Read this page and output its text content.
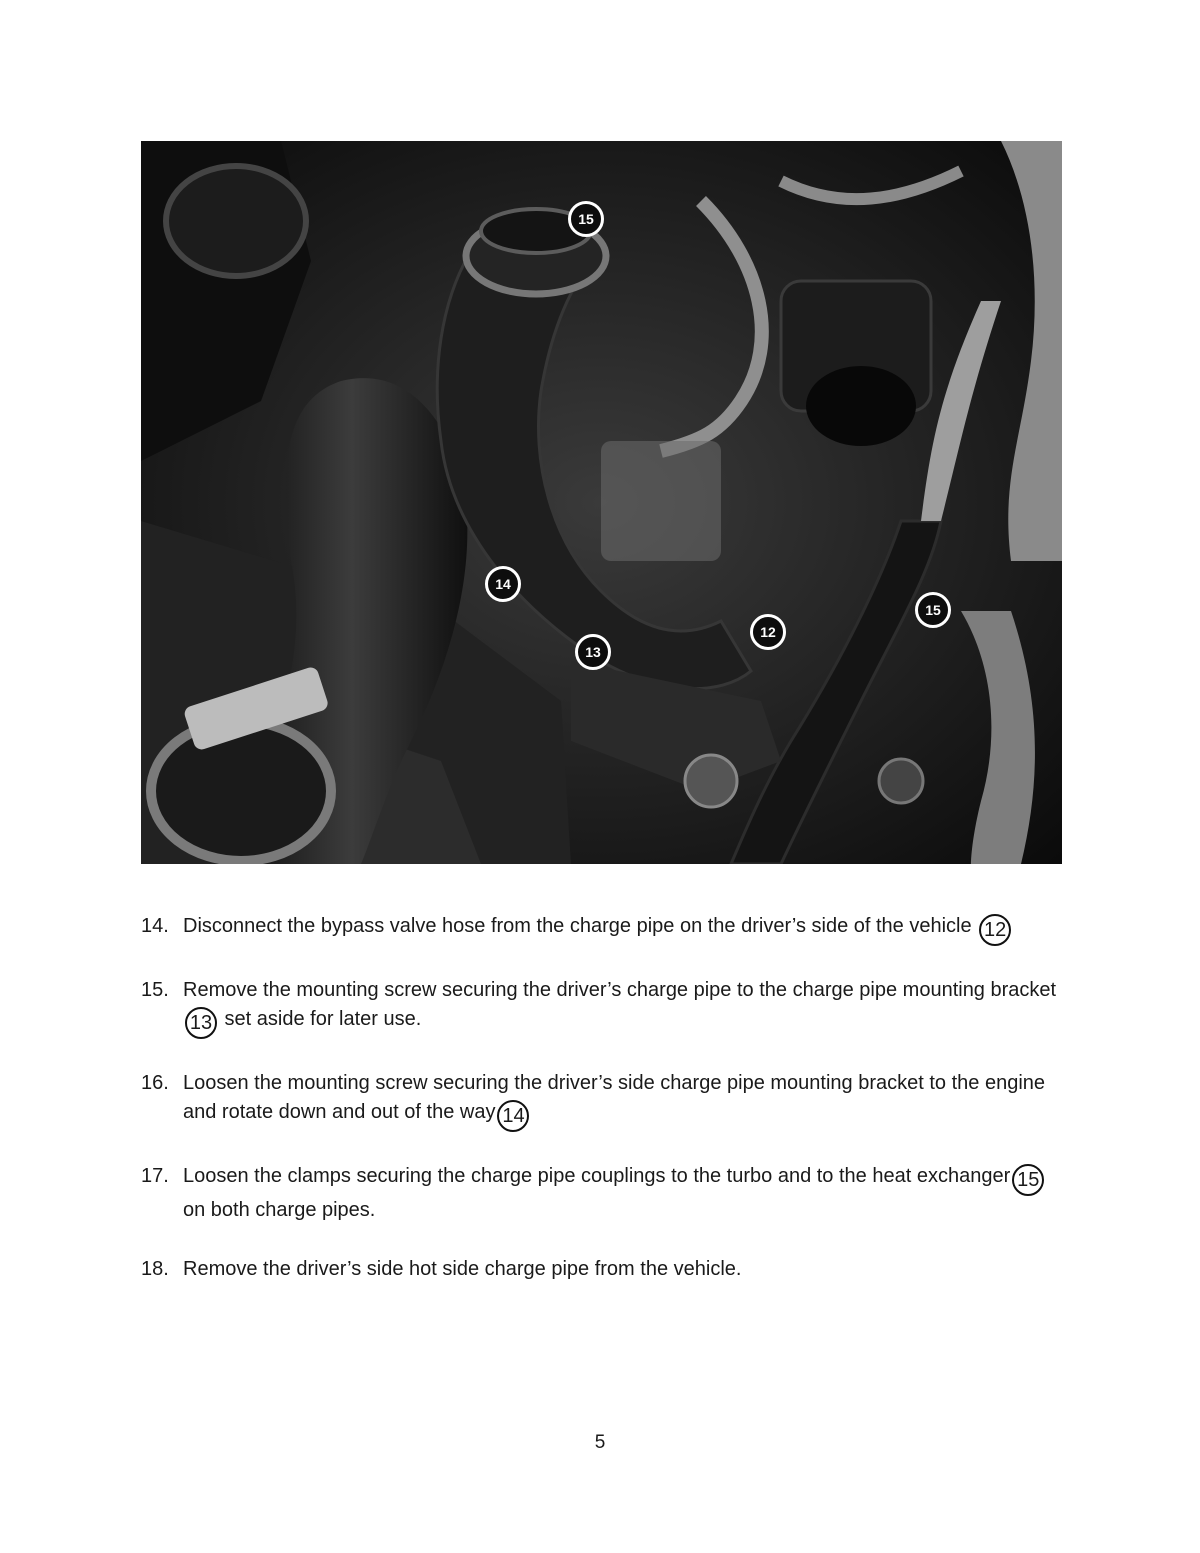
15
14
13
12
15
14. Disconnect the bypass valve hose from the charge pipe on the driver’s side of the vehicle 12
15. Remove the mounting screw securing the driver’s charge pipe to the charge pipe mounting bracket13 set aside for later use.
16. Loosen the mounting screw securing the driver’s side charge pipe mounting bracket to the engine and rotate down and out of the way 14
17. Loosen the clamps securing the charge pipe couplings to the turbo and to the heat exchanger 15 on both charge pipes.
18. Remove the driver’s side hot side charge pipe from the vehicle.
5
